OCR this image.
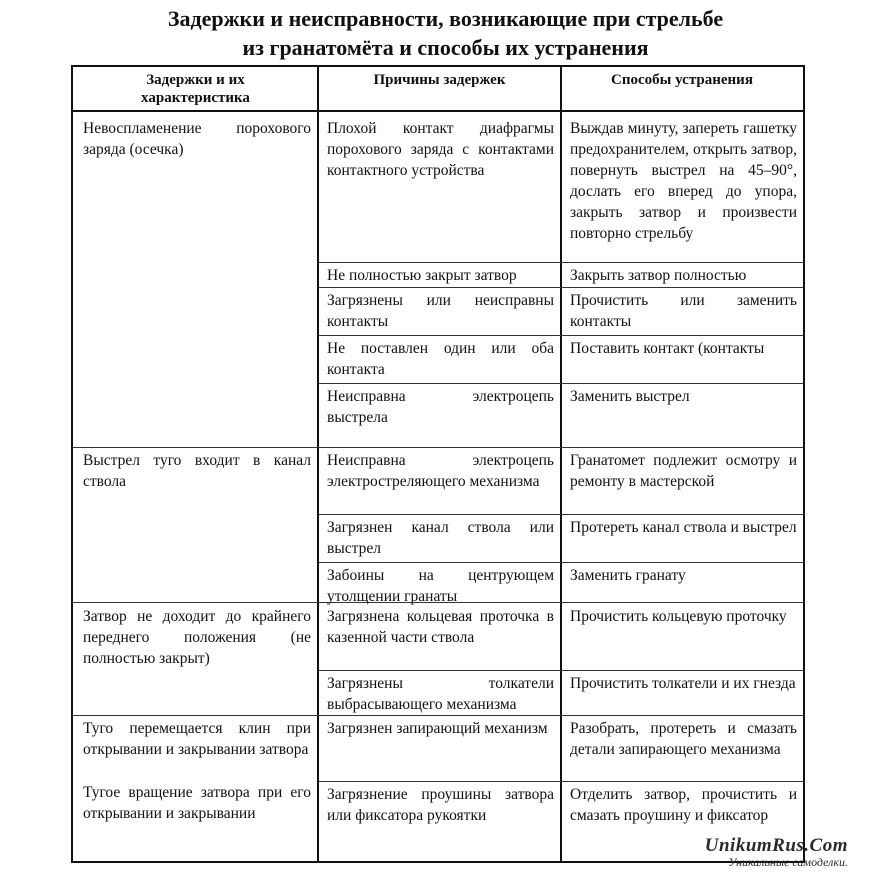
Задержки и неисправности, возникающие при стрельбе
из гранатомёта и способы их устранения
Задержки и их характеристика
Причины задержек	Способы устранения
Невоспламенение порохового заряда (осечка)
Выстрел туго входит в канал ствола
Затвор не доходит до крайнего переднего положения (не полностью закрыт)
Туго перемещается клин при открывании и закрывании затвора
Тугое вращение затвора при его открывании и закрывании
Плохой контакт диафрагмы порохового заряда с контактами контактного устройства
Не полностью закрыт затвор
Загрязнены или неисправны контакты
Не поставлен один или оба контакта
Неисправна электроцепь выстрела
Неисправна электроцепь электростреляющего механизма
Загрязнен канал ствола или выстрел
Забоины на центрующем утолщении гранаты
Загрязнена кольцевая проточка в казенной части ствола
Загрязнены толкатели выбрасывающего механизма
Загрязнен запирающий механизм
Загрязнение проушины затвора или фиксатора рукоятки
Выждав минуту, запереть гашетку предохранителем, открыть затвор, повернуть выстрел на 45–90°, дослать его вперед до упора, закрыть затвор и произвести повторно стрельбу
Закрыть затвор полностью
Прочистить или заменить контакты
Поставить контакт (контакты
Заменить выстрел
Гранатомет подлежит осмотру и ремонту в мастерской
Протереть канал ствола и выстрел
Заменить гранату
Прочистить кольцевую проточку
Прочистить толкатели и их гнезда
Разобрать, протереть и смазать детали запирающего механизма
Отделить затвор, прочистить и смазать проушину и фиксатор
UnikumRus.Com
Уникальные самоделки.
